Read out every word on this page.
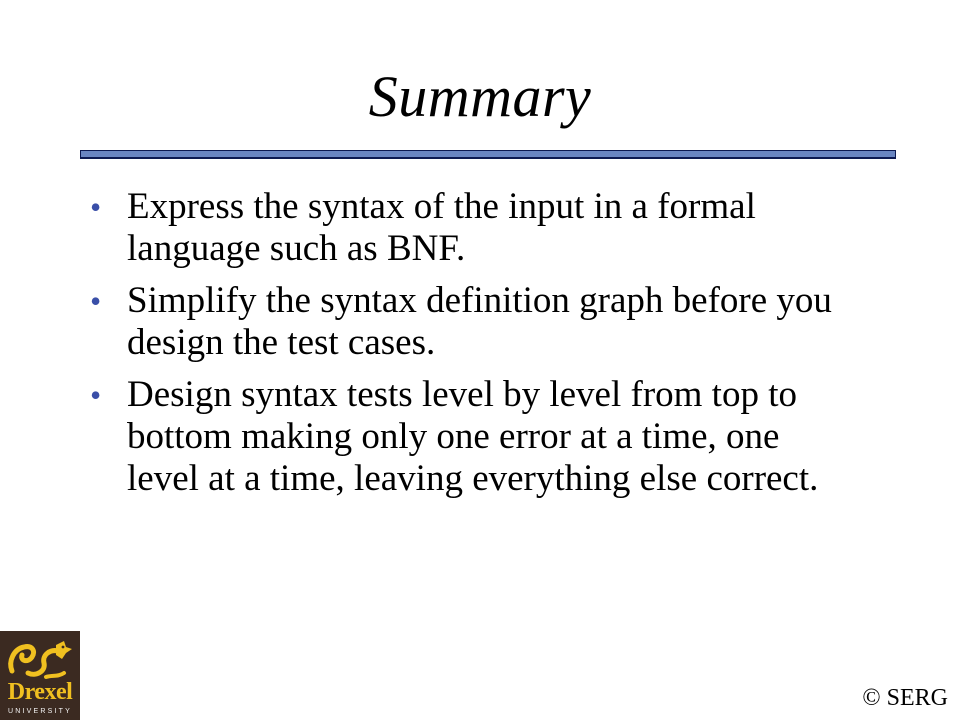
Summary
• Express the syntax of the input in a formal language such as BNF.
• Simplify the syntax definition graph before you design the test cases.
• Design syntax tests level by level from top to bottom making only one error at a time, one level at a time, leaving everything else correct.
Drexel
UNIVERSITY
© SERG
